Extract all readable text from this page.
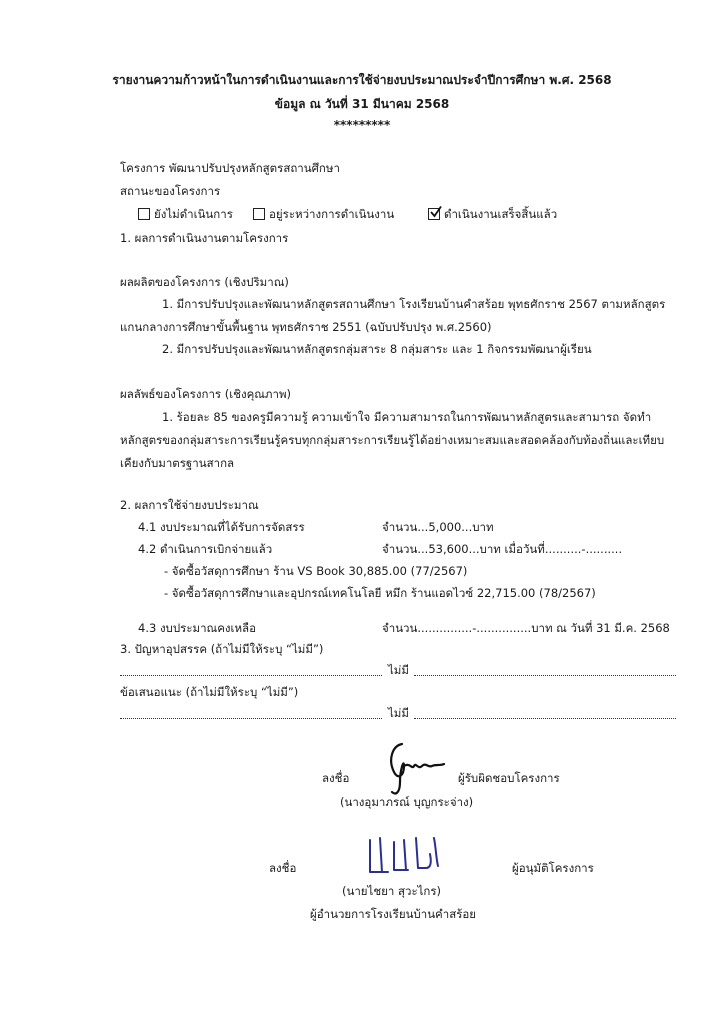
รายงานความก้าวหน้าในการดำเนินงานและการใช้จ่ายงบประมาณประจำปีการศึกษา พ.ศ. 2568
ข้อมูล ณ วันที่ 31 มีนาคม 2568
*********
โครงการ พัฒนาปรับปรุงหลักสูตรสถานศึกษา
สถานะของโครงการ
ยังไม่ดำเนินการ	อยู่ระหว่างการดำเนินงาน	ดำเนินงานเสร็จสิ้นแล้ว
1. ผลการดำเนินงานตามโครงการ
ผลผลิตของโครงการ (เชิงปริมาณ)
1. มีการปรับปรุงและพัฒนาหลักสูตรสถานศึกษา โรงเรียนบ้านคำสร้อย พุทธศักราช 2567 ตามหลักสูตรแกนกลางการศึกษาขั้นพื้นฐาน พุทธศักราช 2551 (ฉบับปรับปรุง พ.ศ.2560)
2. มีการปรับปรุงและพัฒนาหลักสูตรกลุ่มสาระ 8 กลุ่มสาระ และ 1 กิจกรรมพัฒนาผู้เรียน
ผลลัพธ์ของโครงการ (เชิงคุณภาพ)
1. ร้อยละ 85 ของครูมีความรู้ ความเข้าใจ มีความสามารถในการพัฒนาหลักสูตรและสามารถ จัดทำหลักสูตรของกลุ่มสาระการเรียนรู้ครบทุกกลุ่มสาระการเรียนรู้ได้อย่างเหมาะสมและสอดคล้องกับท้องถิ่นและเทียบเคียงกับมาตรฐานสากล
2. ผลการใช้จ่ายงบประมาณ
4.1 งบประมาณที่ได้รับการจัดสรร	จำนวน...5,000...บาท
4.2 ดำเนินการเบิกจ่ายแล้ว	จำนวน...53,600...บาท เมื่อวันที่..........-..........
- จัดซื้อวัสดุการศึกษา ร้าน VS Book 30,885.00 (77/2567)
- จัดซื้อวัสดุการศึกษาและอุปกรณ์เทคโนโลยี หมึก ร้านแอดไวซ์ 22,715.00 (78/2567)
4.3 งบประมาณคงเหลือ	จำนวน...............-...............บาท ณ วันที่ 31 มี.ค. 2568
3. ปัญหาอุปสรรค (ถ้าไม่มีให้ระบุ “ไม่มี”)
ไม่มี
ข้อเสนอแนะ (ถ้าไม่มีให้ระบุ “ไม่มี”)
ไม่มี
ลงชื่อ	ผู้รับผิดชอบโครงการ
(นางอุมาภรณ์ บุญกระจ่าง)
ลงชื่อ	ผู้อนุมัติโครงการ
(นายไชยา สุวะไกร)
ผู้อำนวยการโรงเรียนบ้านคำสร้อย
